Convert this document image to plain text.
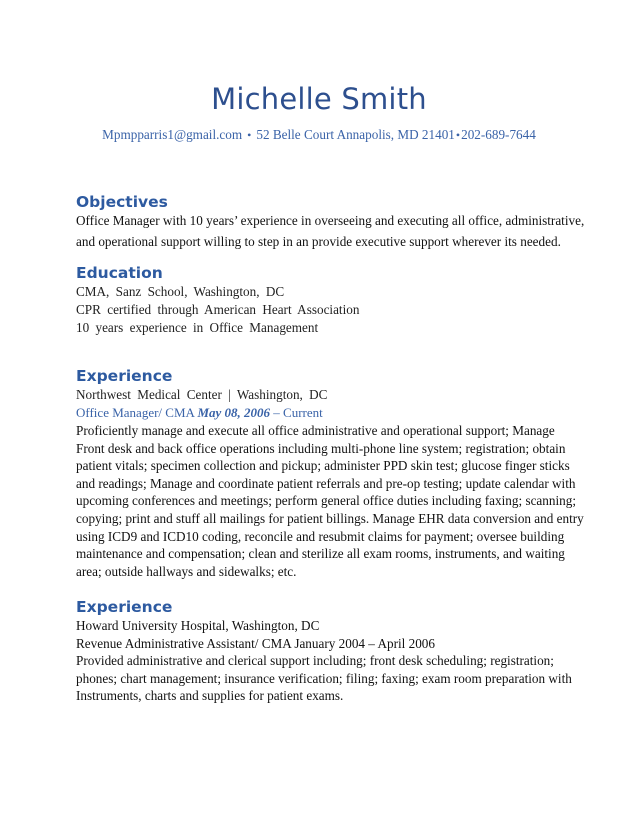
Michelle Smith
Mpmpparris1@gmail.com • 52 Belle Court Annapolis, MD 21401•202-689-7644
Objectives

Office Manager with 10 years’ experience in overseeing and executing all office, administrative,

and operational support willing to step in an provide executive support wherever its needed.

Education

CMA, Sanz School, Washington, DC

CPR certified through American Heart Association

10 years experience in Office Management

Experience

Northwest Medical Center | Washington, DC

Office Manager/ CMA May 08, 2006 – Current

Proficiently manage and execute all office administrative and operational support; Manage

Front desk and back office operations including multi-phone line system; registration; obtain

patient vitals; specimen collection and pickup; administer PPD skin test; glucose finger sticks

and readings; Manage and coordinate patient referrals and pre-op testing; update calendar with

upcoming conferences and meetings; perform general office duties including faxing; scanning;

copying; print and stuff all mailings for patient billings. Manage EHR data conversion and entry

using ICD9 and ICD10 coding, reconcile and resubmit claims for payment; oversee building

maintenance and compensation; clean and sterilize all exam rooms, instruments, and waiting

area; outside hallways and sidewalks; etc.

Experience

Howard University Hospital, Washington, DC

Revenue Administrative Assistant/ CMA January 2004 – April 2006

Provided administrative and clerical support including; front desk scheduling; registration;

phones; chart management; insurance verification; filing; faxing; exam room preparation with

Instruments, charts and supplies for patient exams.
